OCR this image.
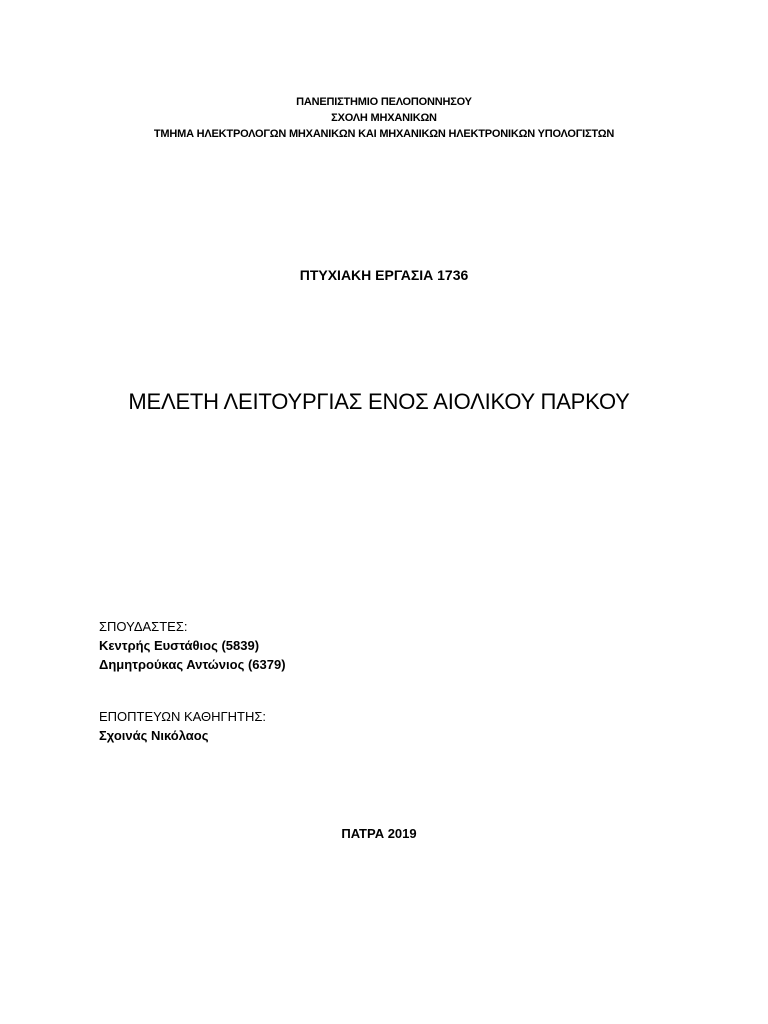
ΠΑΝΕΠΙΣΤΗΜΙΟ ΠΕΛΟΠΟΝΝΗΣΟΥ
ΣΧΟΛΗ ΜΗΧΑΝΙΚΩΝ
ΤΜΗΜΑ ΗΛΕΚΤΡΟΛΟΓΩΝ ΜΗΧΑΝΙΚΩΝ ΚΑΙ ΜΗΧΑΝΙΚΩΝ ΗΛΕΚΤΡΟΝΙΚΩΝ ΥΠΟΛΟΓΙΣΤΩΝ
ΠΤΥΧΙΑΚΗ ΕΡΓΑΣΙΑ 1736
ΜΕΛΕΤΗ ΛΕΙΤΟΥΡΓΙΑΣ ΕΝΟΣ ΑΙΟΛΙΚΟΥ ΠΑΡΚΟΥ
ΣΠΟΥΔΑΣΤΕΣ:
Κεντρής Ευστάθιος (5839)
Δημητρούκας Αντώνιος (6379)
ΕΠΟΠΤΕΥΩΝ ΚΑΘΗΓΗΤΗΣ:
Σχοινάς Νικόλαος
ΠΑΤΡΑ 2019
